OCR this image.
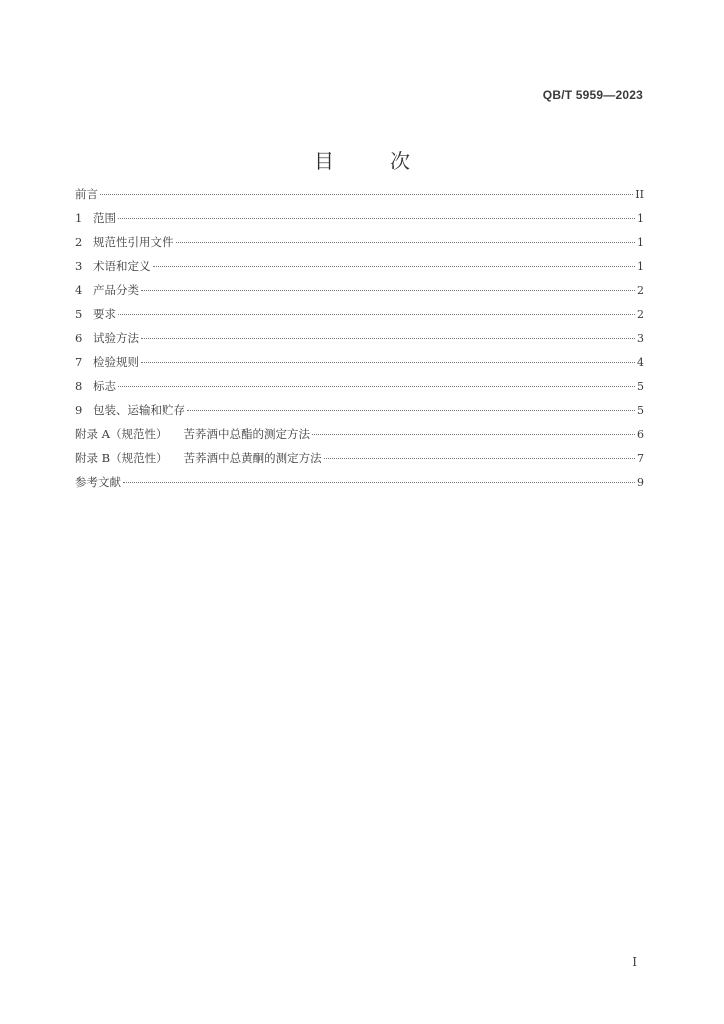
QB/T 5959—2023
目	次
前言	II
1 范围	1
2 规范性引用文件	1
3 术语和定义	1
4 产品分类	2
5 要求	2
6 试验方法	3
7 检验规则	4
8 标志	5
9 包装、运输和贮存	5
附录 A（规范性） 苦荞酒中总酯的测定方法	6
附录 B（规范性） 苦荞酒中总黄酮的测定方法	7
参考文献	9
I
